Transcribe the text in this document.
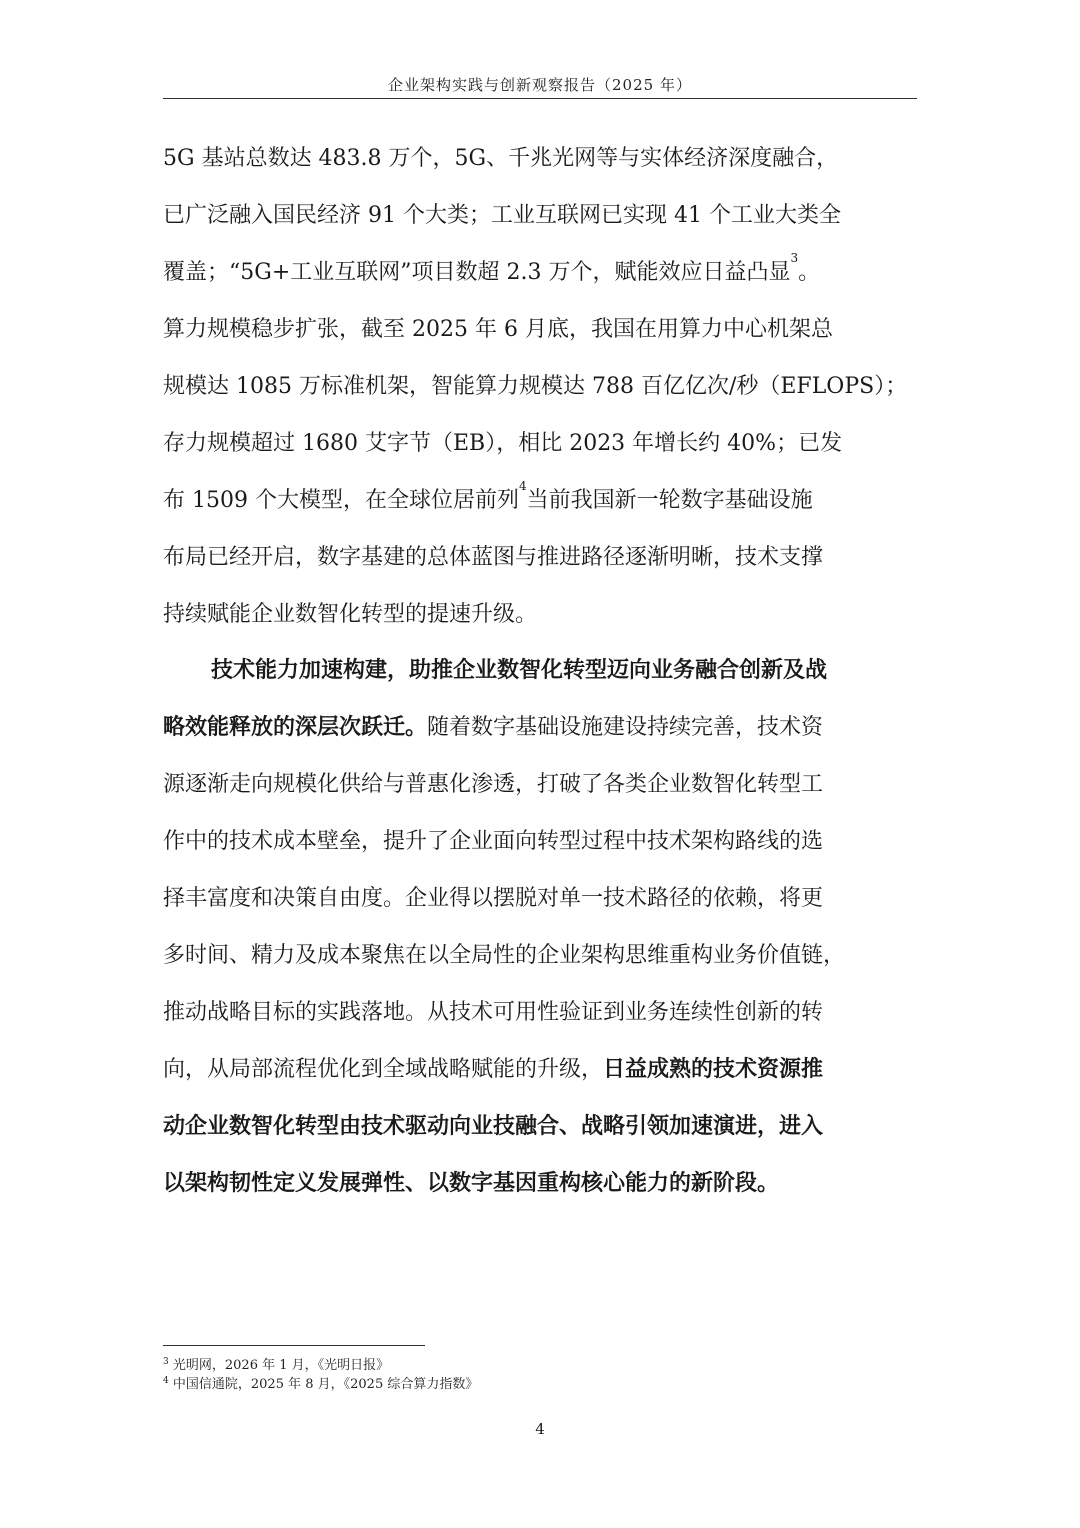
企业架构实践与创新观察报告（2025 年）
5G 基站总数达 483.8 万个，5G、千兆光网等与实体经济深度融合，
已广泛融入国民经济 91 个大类；工业互联网已实现 41 个工业大类全
覆盖；“5G+工业互联网”项目数超 2.3 万个，赋能效应日益凸显
$^3$
。
算力规模稳步扩张，截至 2025 年 6 月底，我国在用算力中心机架总
规模达 1085 万标准机架，智能算力规模达 788 百亿亿次/秒（EFLOPS）；
存力规模超过 1680 艾字节（EB），相比 2023 年增长约 40%；已发
布 1509 个大模型，在全球位居前列
$^4$
当前我国新一轮数字基础设施
布局已经开启，数字基建的总体蓝图与推进路径逐渐明晰，技术支撑
持续赋能企业数智化转型的提速升级。
技术能力加速构建，助推企业数智化转型迈向业务融合创新及战
略效能释放的深层次跃迁。 随着数字基础设施建设持续完善，技术资
源逐渐走向规模化供给与普惠化渗透，打破了各类企业数智化转型工
作中的技术成本壁垒，提升了企业面向转型过程中技术架构路线的选
择丰富度和决策自由度。企业得以摆脱对单一技术路径的依赖，将更
多时间、精力及成本聚焦在以全局性的企业架构思维重构业务价值链，
推动战略目标的实践落地。从技术可用性验证到业务连续性创新的转
向，从局部流程优化到全域战略赋能的升级， 日益成熟的技术资源推
动企业数智化转型由技术驱动向业技融合、战略引领加速演进，进入
以架构韧性定义发展弹性、以数字基因重构核心能力的新阶段。
$^3$ 光明网，2026 年 1 月，《光明日报》
$^4$ 中国信通院，2025 年 8 月，《2025 综合算力指数》
4
